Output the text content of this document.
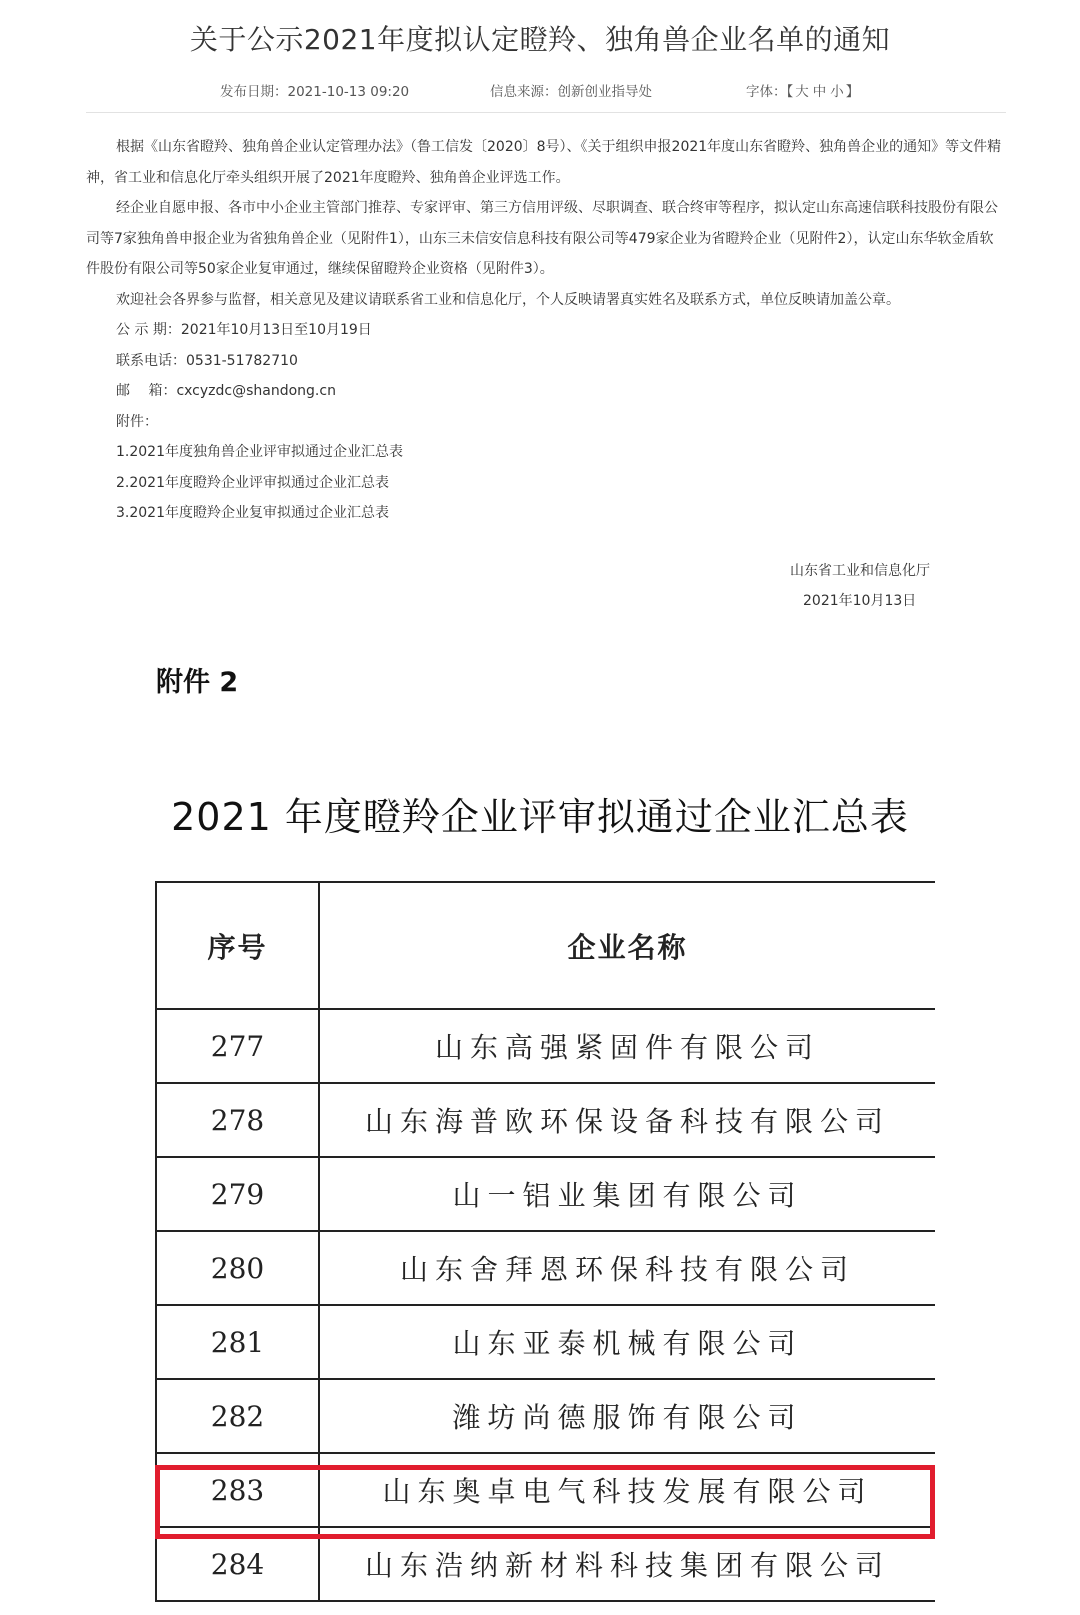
关于公示2021年度拟认定瞪羚、独角兽企业名单的通知
发布日期：2021-10-13 09:20	信息来源：创新创业指导处	字体：【 大 中 小 】

根据《山东省瞪羚、独角兽企业认定管理办法》（鲁工信发〔2020〕8号）、《关于组织申报2021年度山东省瞪羚、独角兽企业的通知》等文件精神，省工业和信息化厅牵头组织开展了2021年度瞪羚、独角兽企业评选工作。

经企业自愿申报、各市中小企业主管部门推荐、专家评审、第三方信用评级、尽职调查、联合终审等程序，拟认定山东高速信联科技股份有限公司等7家独角兽申报企业为省独角兽企业（见附件1），山东三未信安信息科技有限公司等479家企业为省瞪羚企业（见附件2），认定山东华软金盾软件股份有限公司等50家企业复审通过，继续保留瞪羚企业资格（见附件3）。

欢迎社会各界参与监督，相关意见及建议请联系省工业和信息化厅，个人反映请署真实姓名及联系方式，单位反映请加盖公章。

公 示 期：2021年10月13日至10月19日

联系电话：0531-51782710

邮　 箱：cxcyzdc@shandong.cn

附件：

1.2021年度独角兽企业评审拟通过企业汇总表

2.2021年度瞪羚企业评审拟通过企业汇总表

3.2021年度瞪羚企业复审拟通过企业汇总表

山东省工业和信息化厅
2021年10月13日
附件 2
2021 年度瞪羚企业评审拟通过企业汇总表
序号	企业名称
277	山东高强紧固件有限公司
278	山东海普欧环保设备科技有限公司
279	山一铝业集团有限公司
280	山东舍拜恩环保科技有限公司
281	山东亚泰机械有限公司
282	潍坊尚德服饰有限公司
283	山东奥卓电气科技发展有限公司
284	山东浩纳新材料科技集团有限公司
